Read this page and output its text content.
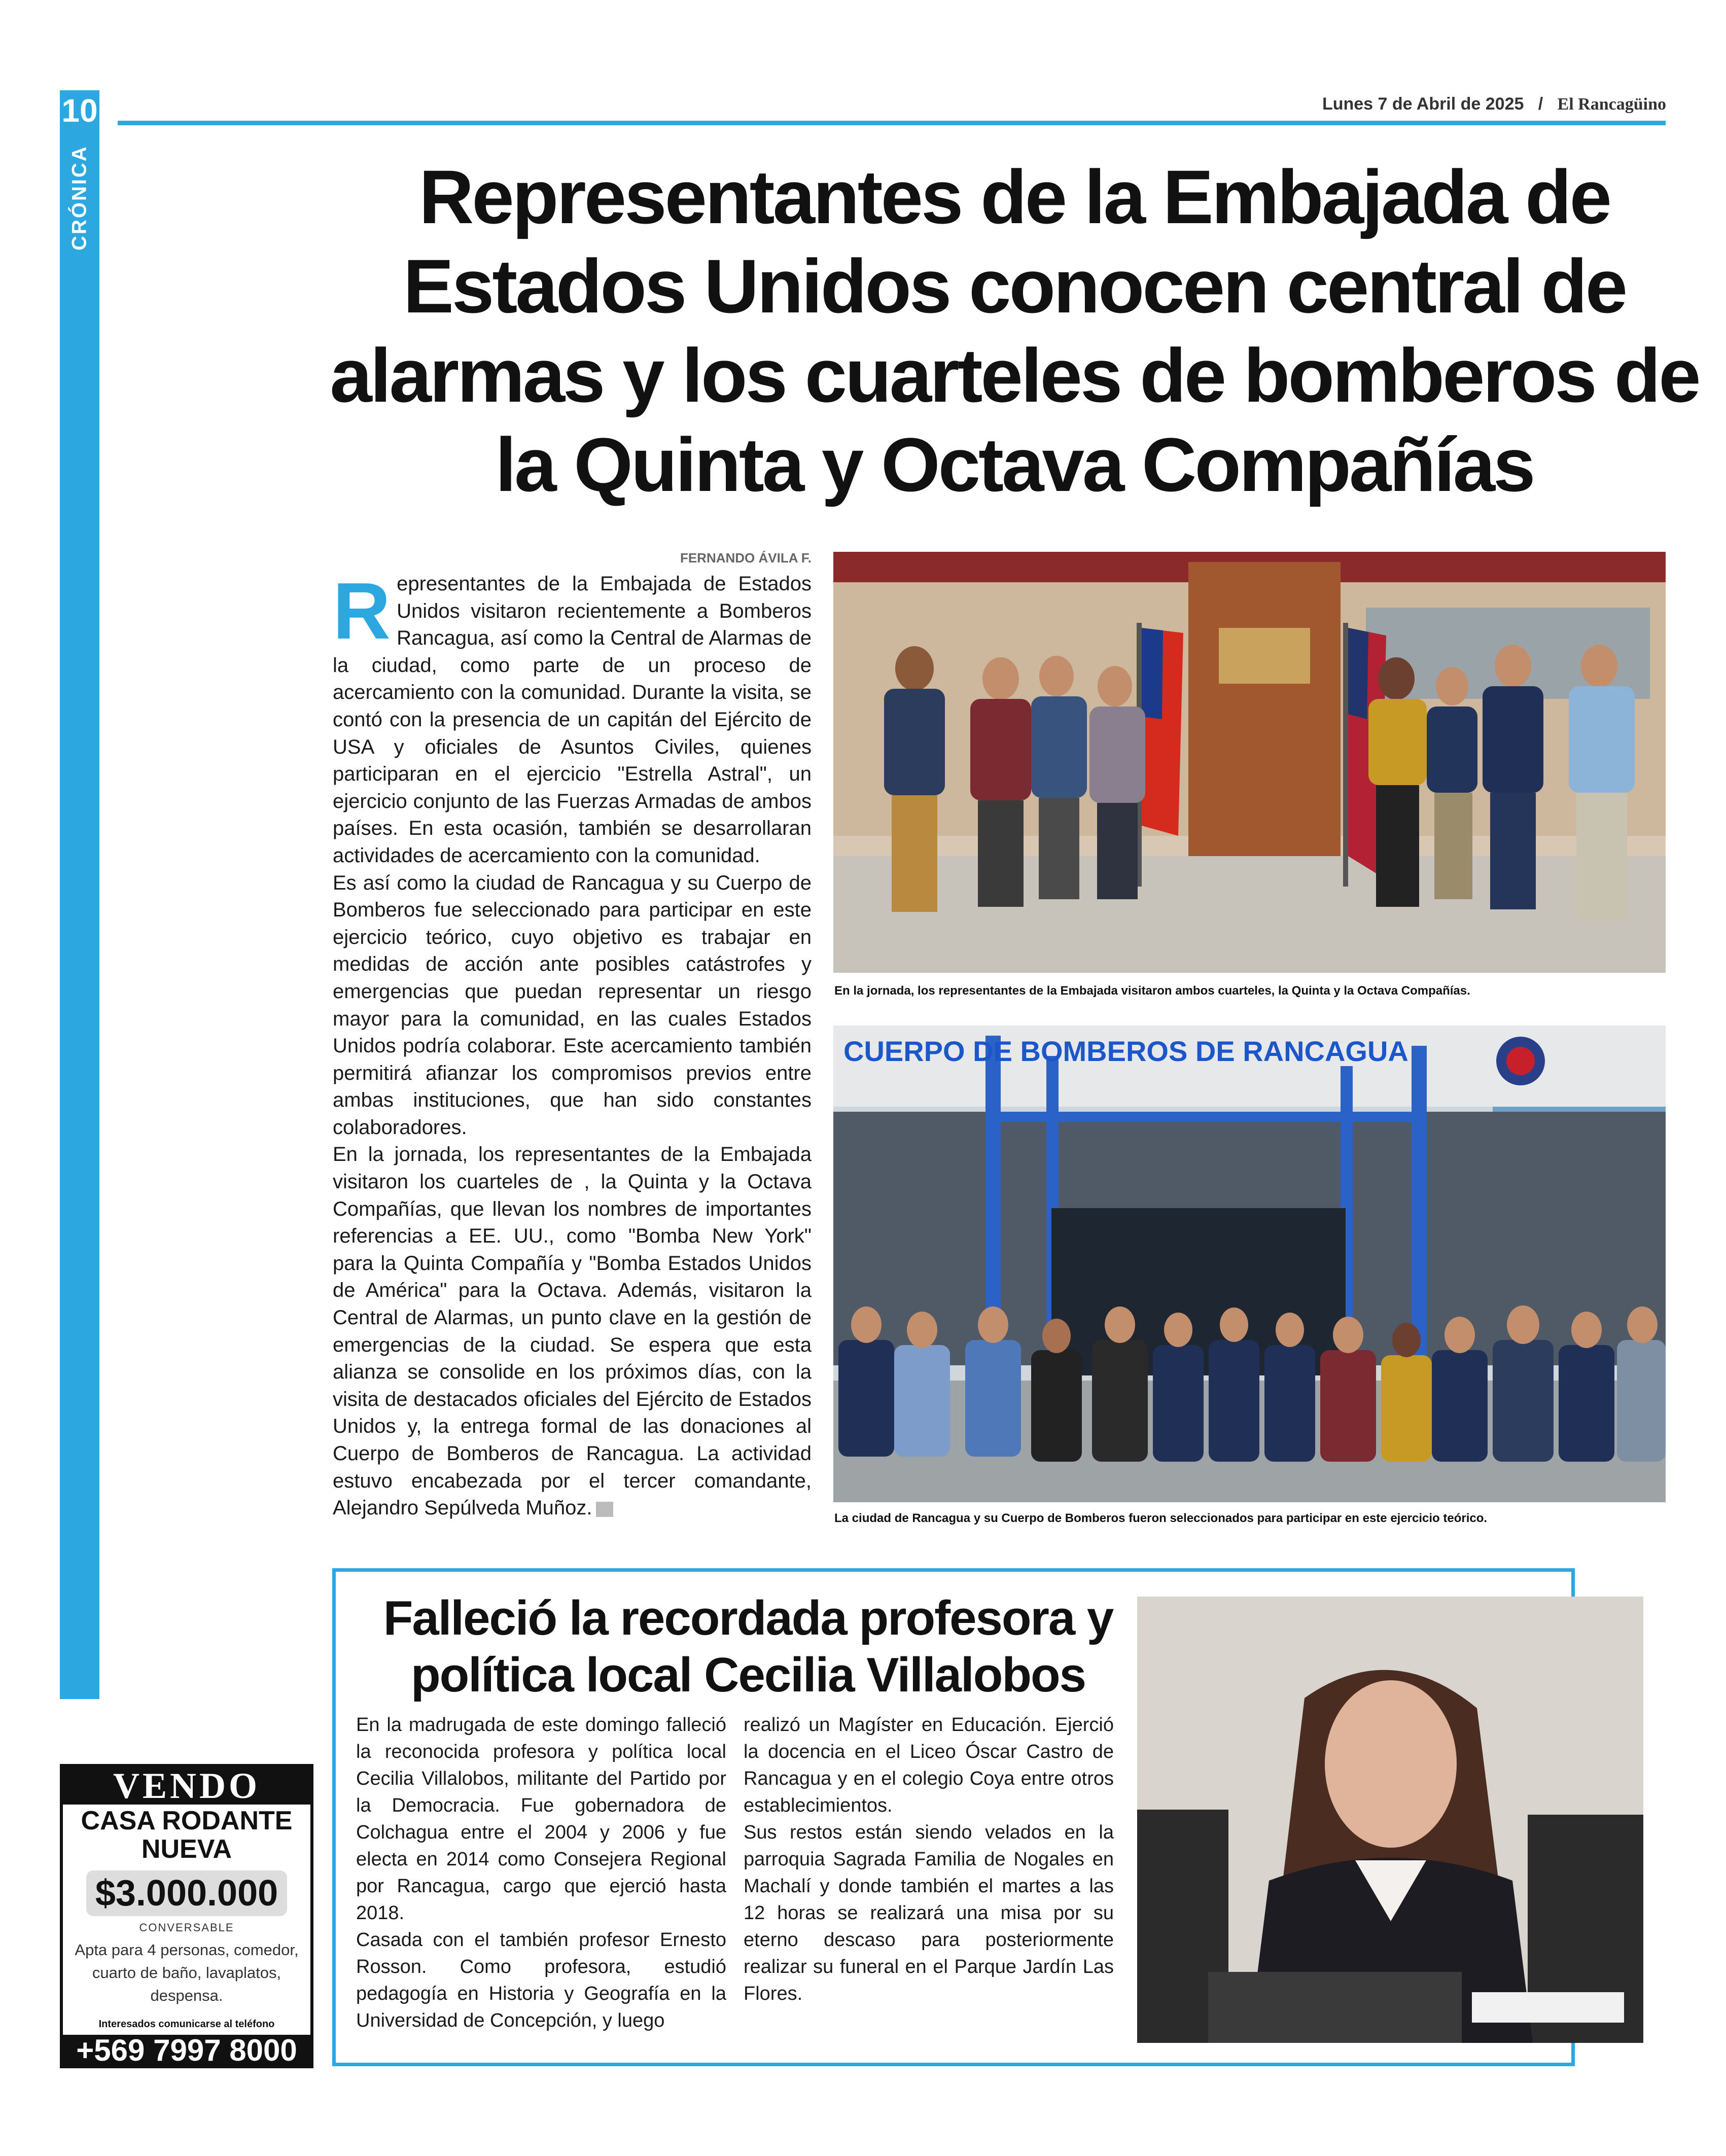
10
CRÓNICA
Lunes 7 de Abril de 2025 / El Rancagüino
Representantes de la Embajada de Estados Unidos conocen central de alarmas y los cuarteles de bomberos de la Quinta y Octava Compañías
FERNANDO ÁVILA F.

Representantes de la Embajada de Estados Unidos visitaron recientemente a Bomberos Rancagua, así como la Central de Alarmas de la ciudad, como parte de un proceso de acercamiento con la comunidad. Durante la visita, se contó con la presencia de un capitán del Ejército de USA y oficiales de Asuntos Civiles, quienes participaran en el ejercicio "Estrella Astral", un ejercicio conjunto de las Fuerzas Armadas de ambos países. En esta ocasión, también se desarrollaran actividades de acercamiento con la comunidad.

Es así como la ciudad de Rancagua y su Cuerpo de Bomberos fue seleccionado para participar en este ejercicio teórico, cuyo objetivo es trabajar en medidas de acción ante posibles catástrofes y emergencias que puedan representar un riesgo mayor para la comunidad, en las cuales Estados Unidos podría colaborar. Este acercamiento también permitirá afianzar los compromisos previos entre ambas instituciones, que han sido constantes colaboradores.

En la jornada, los representantes de la Embajada visitaron los cuarteles de , la Quinta y la Octava Compañías, que llevan los nombres de importantes referencias a EE. UU., como "Bomba New York" para la Quinta Compañía y "Bomba Estados Unidos de América" para la Octava. Además, visitaron la Central de Alarmas, un punto clave en la gestión de emergencias de la ciudad. Se espera que esta alianza se consolide en los próximos días, con la visita de destacados oficiales del Ejército de Estados Unidos y, la entrega formal de las donaciones al Cuerpo de Bomberos de Rancagua. La actividad estuvo encabezada por el tercer comandante, Alejandro Sepúlveda Muñoz.

En la jornada, los representantes de la Embajada visitaron ambos cuarteles, la Quinta y la Octava Compañías.
CUERPO DE BOMBEROS DE RANCAGUA
La ciudad de Rancagua y su Cuerpo de Bomberos fueron seleccionados para participar en este ejercicio teórico.
Falleció la recordada profesora y política local Cecilia Villalobos

En la madrugada de este domingo falleció la reconocida profesora y política local Cecilia Villalobos, militante del Partido por la Democracia. Fue gobernadora de Colchagua entre el 2004 y 2006 y fue electa en 2014 como Consejera Regional por Rancagua, cargo que ejerció hasta 2018.

Casada con el también profesor Ernesto Rosson. Como profesora, estudió pedagogía en Historia y Geografía en la Universidad de Concepción, y luego

realizó un Magíster en Educación. Ejerció la docencia en el Liceo Óscar Castro de Rancagua y en el colegio Coya entre otros establecimientos.

Sus restos están siendo velados en la parroquia Sagrada Familia de Nogales en Machalí y donde también el martes a las 12 horas se realizará una misa por su eterno descaso para posteriormente realizar su funeral en el Parque Jardín Las Flores.

VENDO
CASA RODANTE NUEVA
$3.000.000
CONVERSABLE
Apta para 4 personas, comedor, cuarto de baño, lavaplatos, despensa.
Interesados comunicarse al teléfono
+569 7997 8000
